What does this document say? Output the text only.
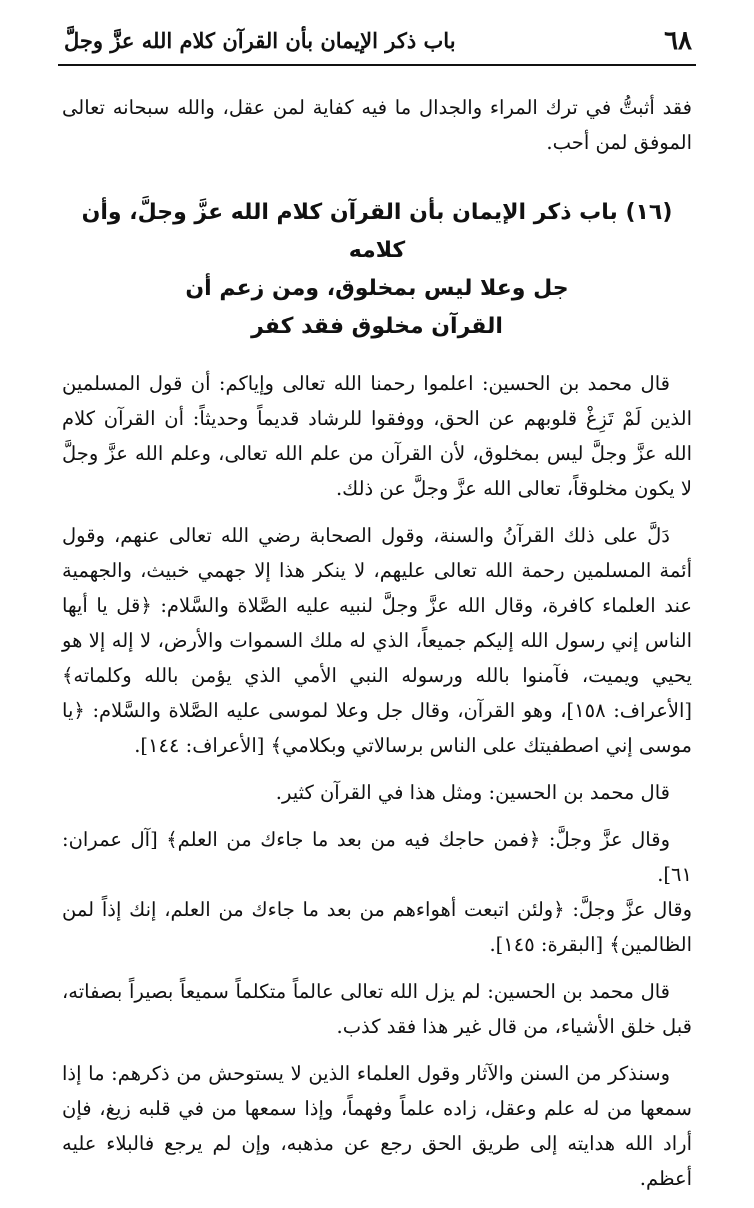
٦٨
باب ذكر الإيمان بأن القرآن كلام الله عزَّ وجلَّ

فقد أثبتُّ في ترك المراء والجدال ما فيه كفاية لمن عقل، والله سبحانه تعالى الموفق لمن أحب.

(١٦) باب ذكر الإيمان بأن القرآن كلام الله عزَّ وجلَّ، وأن كلامه
جل وعلا ليس بمخلوق، ومن زعم أن
القرآن مخلوق فقد كفر

قال محمد بن الحسين: اعلموا رحمنا الله تعالى وإياكم: أن قول المسلمين الذين لَمْ تَزِغْ قلوبهم عن الحق، ووفقوا للرشاد قديماً وحديثاً: أن القرآن كلام الله عزَّ وجلَّ ليس بمخلوق، لأن القرآن من علم الله تعالى، وعلم الله عزَّ وجلَّ لا يكون مخلوقاً، تعالى الله عزَّ وجلَّ عن ذلك.

دَلَّ على ذلك القرآنُ والسنة، وقول الصحابة رضي الله تعالى عنهم، وقول أئمة المسلمين رحمة الله تعالى عليهم، لا ينكر هذا إلا جهمي خبيث، والجهمية عند العلماء كافرة، وقال الله عزَّ وجلَّ لنبيه عليه الصَّلاة والسَّلام: ﴿قل يا أيها الناس إني رسول الله إليكم جميعاً، الذي له ملك السموات والأرض، لا إله إلا هو يحيي ويميت، فآمنوا بالله ورسوله النبي الأمي الذي يؤمن بالله وكلماته﴾ [الأعراف: ١٥٨]، وهو القرآن، وقال جل وعلا لموسى عليه الصَّلاة والسَّلام: ﴿يا موسى إني اصطفيتك على الناس برسالاتي وبكلامي﴾ [الأعراف: ١٤٤].

قال محمد بن الحسين: ومثل هذا في القرآن كثير.

وقال عزَّ وجلَّ: ﴿فمن حاجك فيه من بعد ما جاءك من العلم﴾ [آل عمران: ٦١].

وقال عزَّ وجلَّ: ﴿ولئن اتبعت أهواءهم من بعد ما جاءك من العلم، إنك إذاً لمن الظالمين﴾ [البقرة: ١٤٥].

قال محمد بن الحسين: لم يزل الله تعالى عالماً متكلماً سميعاً بصيراً بصفاته، قبل خلق الأشياء، من قال غير هذا فقد كذب.

وسنذكر من السنن والآثار وقول العلماء الذين لا يستوحش من ذكرهم: ما إذا سمعها من له علم وعقل، زاده علماً وفهماً، وإذا سمعها من في قلبه زيغ، فإن أراد الله هدايته إلى طريق الحق رجع عن مذهبه، وإن لم يرجع فالبلاء عليه أعظم.
